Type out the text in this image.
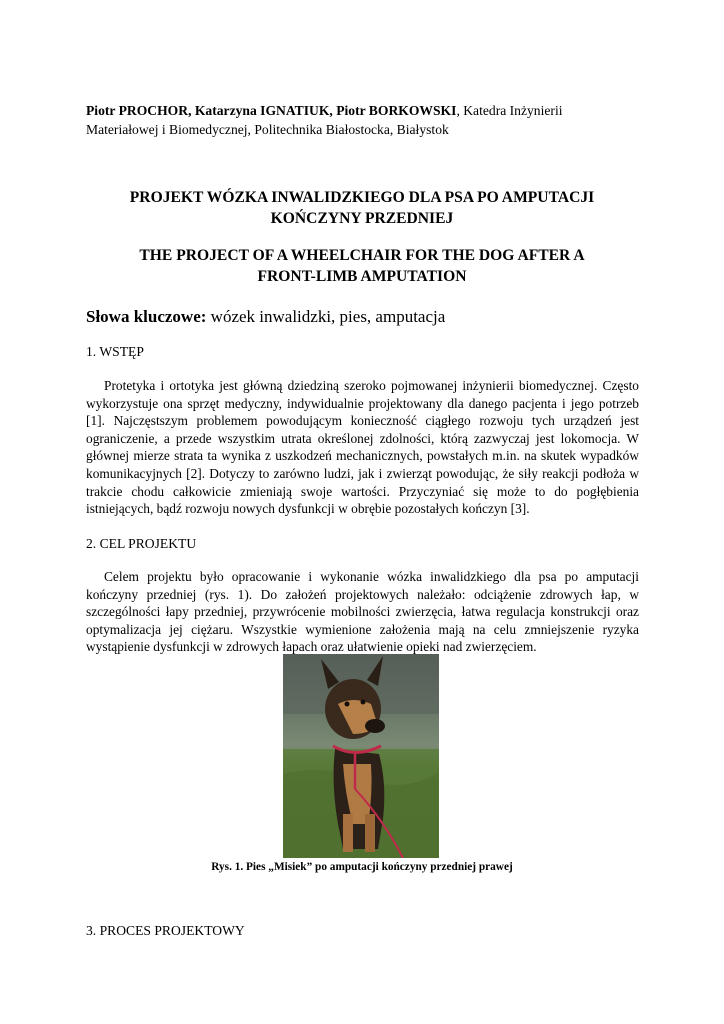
Piotr PROCHOR, Katarzyna IGNATIUK, Piotr BORKOWSKI, Katedra Inżynierii
Materiałowej i Biomedycznej, Politechnika Białostocka, Białystok
PROJEKT WÓZKA INWALIDZKIEGO DLA PSA PO AMPUTACJI
KOŃCZYNY PRZEDNIEJ
THE PROJECT OF A WHEELCHAIR FOR THE DOG AFTER A
FRONT-LIMB AMPUTATION
Słowa kluczowe: wózek inwalidzki, pies, amputacja
1. WSTĘP
Protetyka i ortotyka jest główną dziedziną szeroko pojmowanej inżynierii biomedycznej. Często wykorzystuje ona sprzęt medyczny, indywidualnie projektowany dla danego pacjenta i jego potrzeb [1]. Najczęstszym problemem powodującym konieczność ciągłego rozwoju tych urządzeń jest ograniczenie, a przede wszystkim utrata określonej zdolności, którą zazwyczaj jest lokomocja. W głównej mierze strata ta wynika z uszkodzeń mechanicznych, powstałych m.in. na skutek wypadków komunikacyjnych [2]. Dotyczy to zarówno ludzi, jak i zwierząt powodując, że siły reakcji podłoża w trakcie chodu całkowicie zmieniają swoje wartości. Przyczyniać się może to do pogłębienia istniejących, bądź rozwoju nowych dysfunkcji w obrębie pozostałych kończyn [3].
2. CEL PROJEKTU
Celem projektu było opracowanie i wykonanie wózka inwalidzkiego dla psa po amputacji kończyny przedniej (rys. 1). Do założeń projektowych należało: odciążenie zdrowych łap, w szczególności łapy przedniej, przywrócenie mobilności zwierzęcia, łatwa regulacja konstrukcji oraz optymalizacja jej ciężaru. Wszystkie wymienione założenia mają na celu zmniejszenie ryzyka wystąpienie dysfunkcji w zdrowych łapach oraz ułatwienie opieki nad zwierzęciem.
Rys. 1. Pies „Misiek” po amputacji kończyny przedniej prawej
3. PROCES PROJEKTOWY
